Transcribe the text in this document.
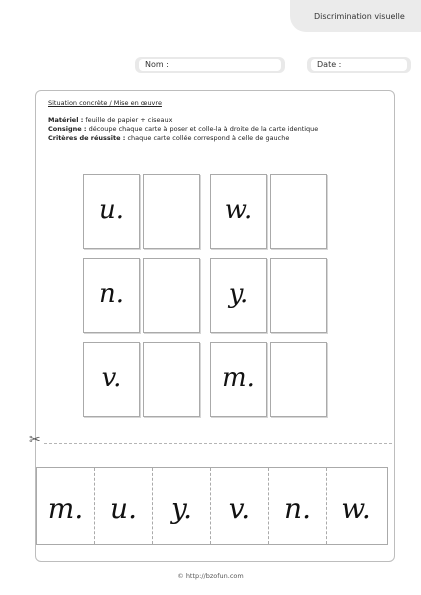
Discrimination visuelle
Nom :	Date :
Situation concrète / Mise en œuvre
Matériel : feuille de papier + ciseaux
Consigne : découpe chaque carte à poser et colle-la à droite de la carte identique
Critères de réussite : chaque carte collée correspond à celle de gauche
u.	w.
n.	y.
v.	m.
✂
m. u.	y.	v.	n.	w.
© http://bzofun.com
